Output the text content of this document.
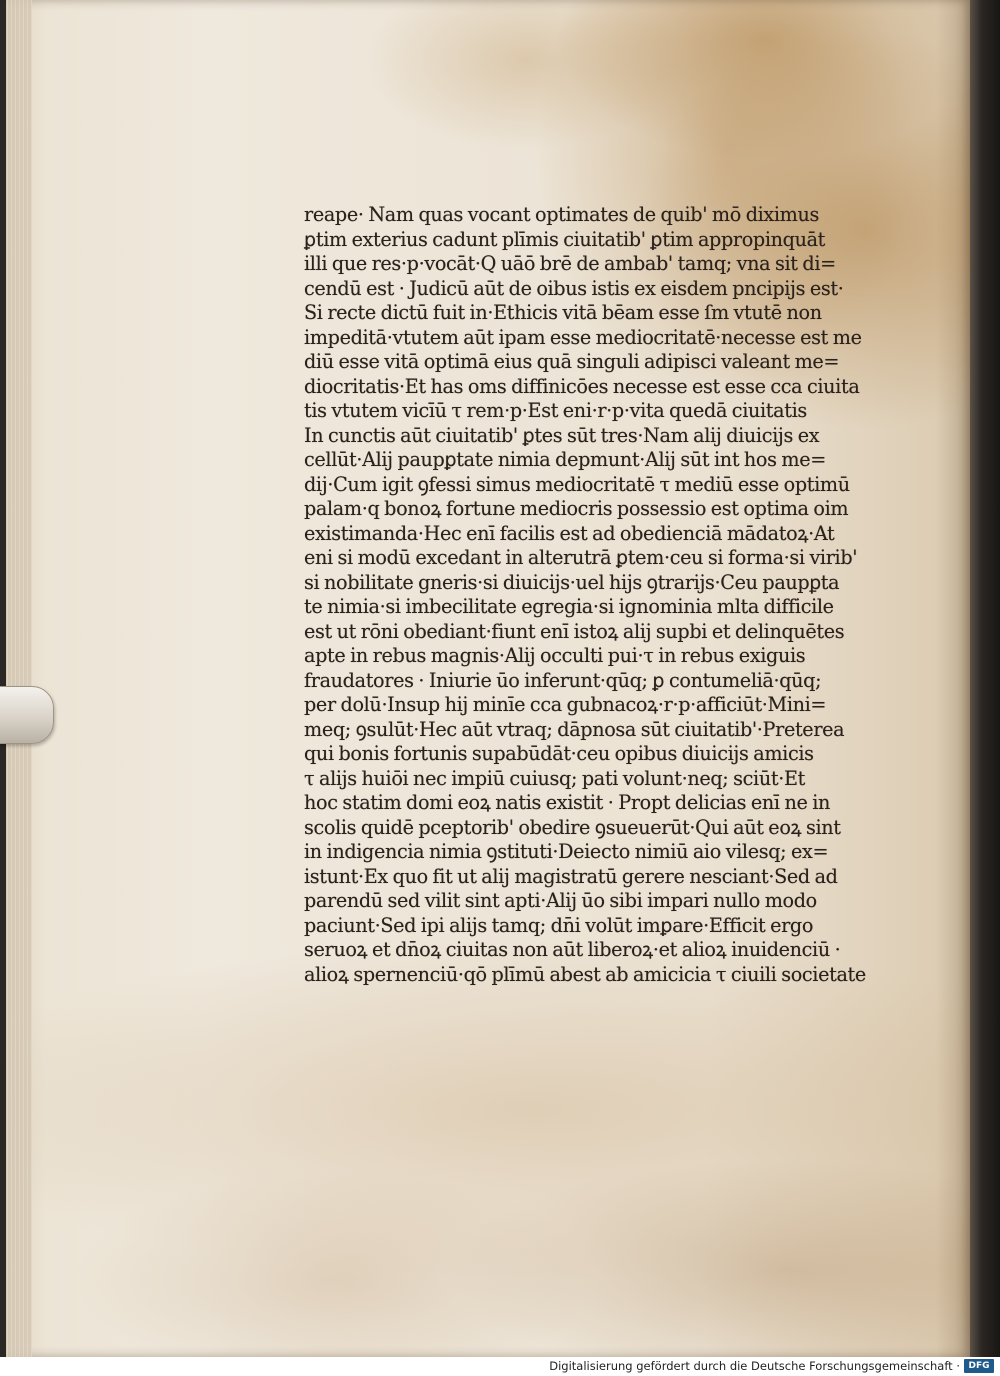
reape· Nam quas vocant optimates de quib' mō diximus
ꝑtim exterius cadunt plīmis ciuitatib' ꝑtim appropinquāt
illi que res·p·vocāt·Q uāō brē de ambab' tamq; vna sit di=
cendū est · Judicū aūt de oibus istis ex eisdem pncipijs est·
Si recte dictū fuit in·Ethicis vitā bēam esse ſm vtutē non
impeditā·vtutem aūt ipam esse mediocritatē·necesse est me
diū esse vitā optimā eius quā singuli adipisci valeant me=
diocritatis·Et has oms diffinicōes necesse est esse cca ciuita
tis vtutem vicīū τ rem·p·Est eni·r·p·vita quedā ciuitatis
In cunctis aūt ciuitatib' ꝑtes sūt tres·Nam alij diuicijs ex
cellūt·Alij paupꝑtate nimia depmunt·Alij sūt int hos me=
dij·Cum igit ꝯfessi simus mediocritatē τ mediū esse optimū
palam·q bonoꝝ fortune mediocris possessio est optima oim
existimanda·Hec enī facilis est ad obedienciā mādatoꝝ·At
eni si modū excedant in alterutrā ꝑtem·ceu si forma·si virib'
si nobilitate gneris·si diuicijs·uel hijs ꝯtrarijs·Ceu paupꝑta
te nimia·si imbecilitate egregia·si ignominia mlta difficile
est ut rōni obediant·fiunt enī istoꝝ alij supbi et delinquētes
apte in rebus magnis·Alij occulti pui·τ in rebus exiguis
fraudatores · Iniurie ūo inferunt·qūq; ꝑ contumeliā·qūq;
per dolū·Insup hij minīe cca gubnacoꝝ·r·p·afficiūt·Mini=
meq; ꝯsulūt·Hec aūt vtraq; dāpnosa sūt ciuitatib'·Preterea
qui bonis fortunis supabūdāt·ceu opibus diuicijs amicis
τ alijs huiōi nec impiū cuiusq; pati volunt·neq; sciūt·Et
hoc statim domi eoꝝ natis existit · Propt delicias enī ne in
scolis quidē pceptorib' obedire ꝯsueuerūt·Qui aūt eoꝝ sint
in indigencia nimia ꝯstituti·Deiecto nimiū aio vilesq; ex=
istunt·Ex quo fit ut alij magistratū gerere nesciant·Sed ad
parendū sed vilit sint apti·Alij ūo sibi impari nullo modo
paciunt·Sed ipi alijs tamq; dn̄i volūt imꝑare·Efficit ergo
seruoꝝ et dn̄oꝝ ciuitas non aūt liberoꝝ·et alioꝝ inuidenciū ·
alioꝝ spernenciū·qō plīmū abest ab amicicia τ ciuili societate
Digitalisierung gefördert durch die Deutsche Forschungsgemeinschaft · DFG
